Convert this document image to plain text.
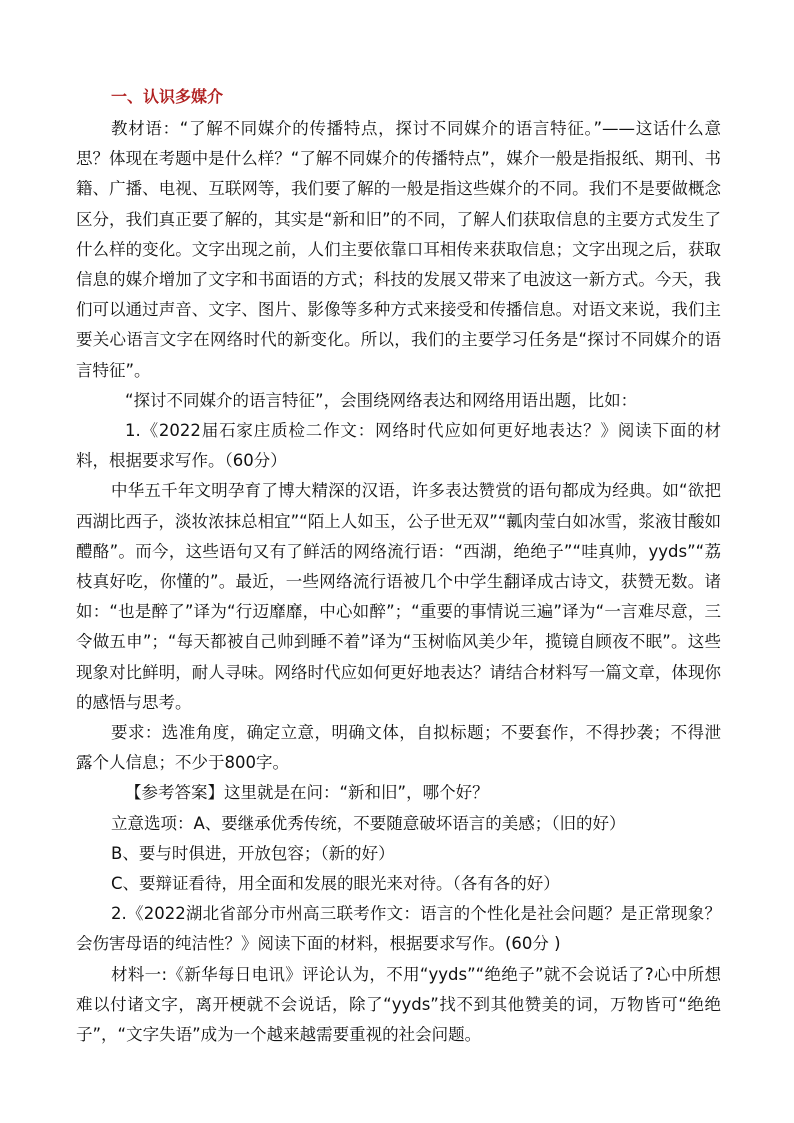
一、认识多媒介

教材语：“了解不同媒介的传播特点，探讨不同媒介的语言特征。”——这话什么意思？体现在考题中是什么样？“了解不同媒介的传播特点”，媒介一般是指报纸、期刊、书籍、广播、电视、互联网等，我们要了解的一般是指这些媒介的不同。我们不是要做概念区分，我们真正要了解的，其实是“新和旧”的不同，了解人们获取信息的主要方式发生了什么样的变化。文字出现之前，人们主要依靠口耳相传来获取信息；文字出现之后，获取信息的媒介增加了文字和书面语的方式；科技的发展又带来了电波这一新方式。今天，我们可以通过声音、文字、图片、影像等多种方式来接受和传播信息。对语文来说，我们主要关心语言文字在网络时代的新变化。所以，我们的主要学习任务是“探讨不同媒介的语言特征”。

“探讨不同媒介的语言特征”，会围绕网络表达和网络用语出题，比如：

1.《2022届石家庄质检二作文：网络时代应如何更好地表达？》阅读下面的材料，根据要求写作。（60分）

中华五千年文明孕育了博大精深的汉语，许多表达赞赏的语句都成为经典。如“欲把西湖比西子，淡妆浓抹总相宜”“陌上人如玉，公子世无双”“瓤肉莹白如冰雪，浆液甘酸如醴酪”。而今，这些语句又有了鲜活的网络流行语：“西湖，绝绝子”“哇真帅，yyds”“荔枝真好吃，你懂的”。最近，一些网络流行语被几个中学生翻译成古诗文，获赞无数。诸如：“也是醉了”译为“行迈靡靡，中心如醉”；“重要的事情说三遍”译为“一言难尽意，三令做五申”；“每天都被自己帅到睡不着”译为“玉树临风美少年，揽镜自顾夜不眠”。这些现象对比鲜明，耐人寻味。网络时代应如何更好地表达？请结合材料写一篇文章，体现你的感悟与思考。

要求：选准角度，确定立意，明确文体，自拟标题；不要套作，不得抄袭；不得泄露个人信息；不少于800字。

【参考答案】这里就是在问：“新和旧”，哪个好？

立意选项：A、要继承优秀传统，不要随意破坏语言的美感；（旧的好）

B、要与时俱进，开放包容；（新的好）

C、要辩证看待，用全面和发展的眼光来对待。（各有各的好）

2.《2022湖北省部分市州高三联考作文：语言的个性化是社会问题？是正常现象？会伤害母语的纯洁性？》阅读下面的材料，根据要求写作。(60分 )

材料一:《新华每日电讯》评论认为，不用“yyds”“绝绝子”就不会说话了?心中所想难以付诸文字，离开梗就不会说话，除了“yyds”找不到其他赞美的词，万物皆可“绝绝子”，“文字失语”成为一个越来越需要重视的社会问题。
